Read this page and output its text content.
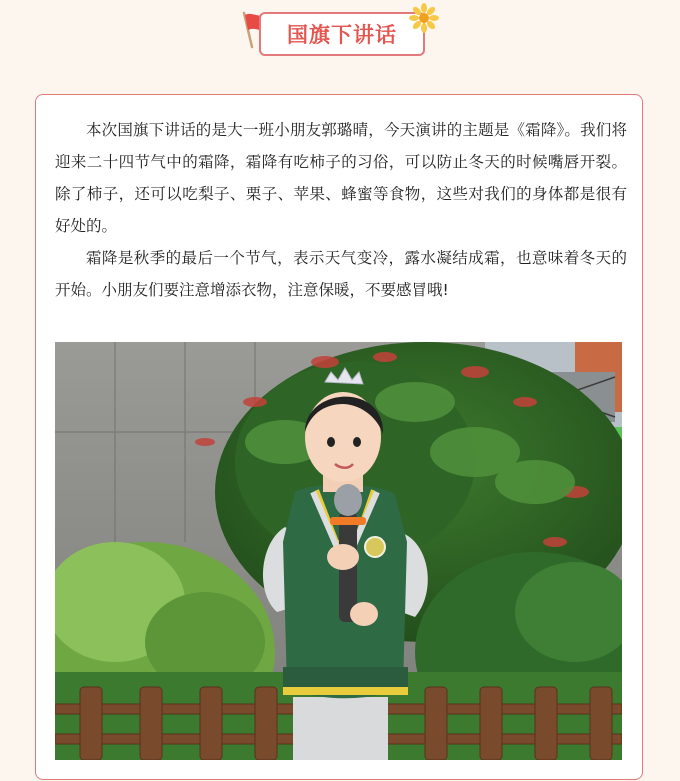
国旗下讲话

本次国旗下讲话的是大一班小朋友郭璐晴，今天演讲的主题是《霜降》。我们将迎来二十四节气中的霜降，霜降有吃柿子的习俗，可以防止冬天的时候嘴唇开裂。除了柿子，还可以吃梨子、栗子、苹果、蜂蜜等食物，这些对我们的身体都是很有好处的。

霜降是秋季的最后一个节气，表示天气变冷，露水凝结成霜，也意味着冬天的开始。小朋友们要注意增添衣物，注意保暖，不要感冒哦!
